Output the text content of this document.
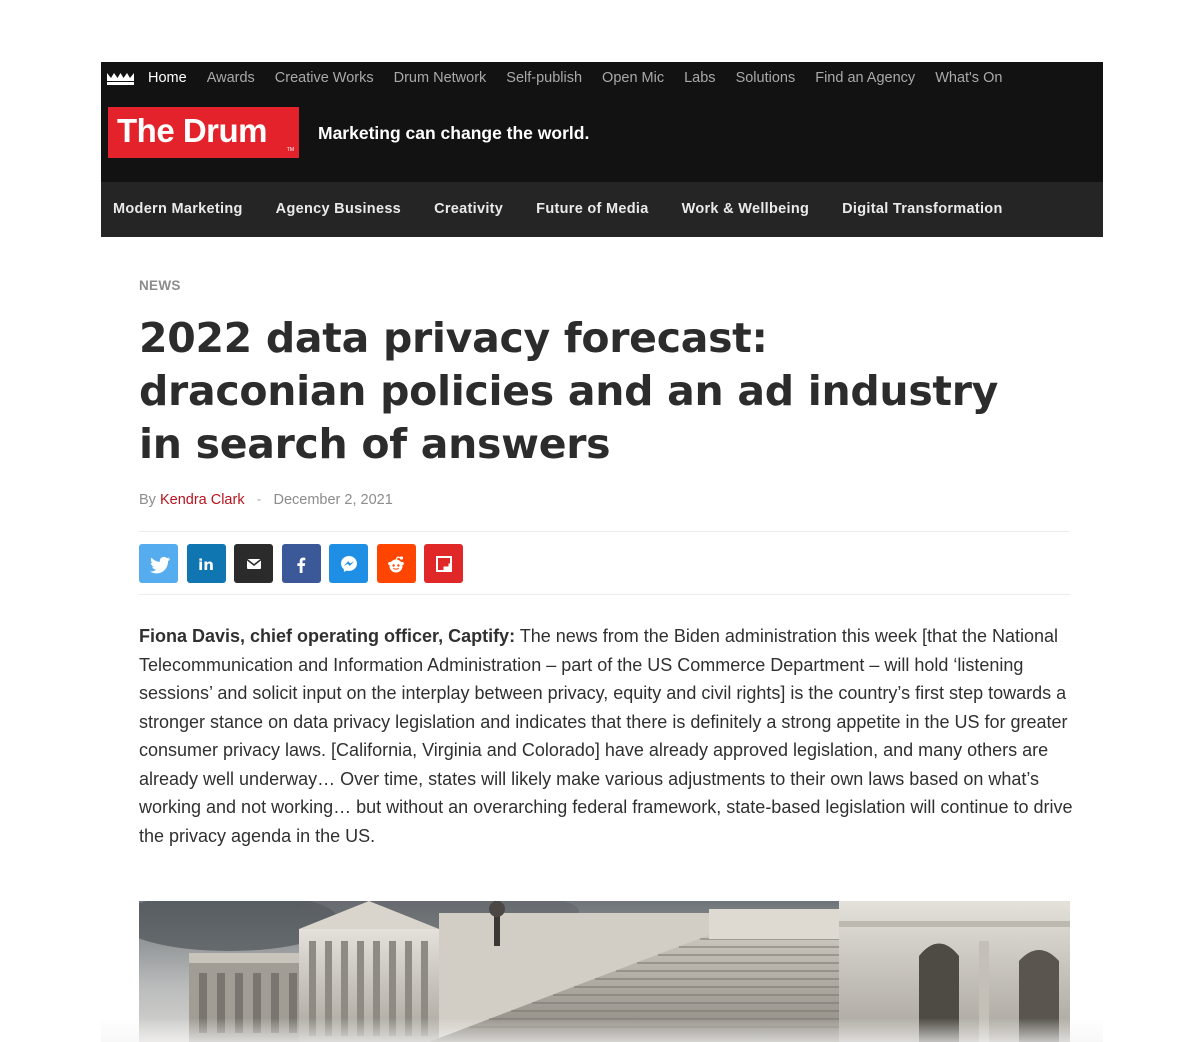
Home Awards Creative Works Drum Network Self-publish Open Mic Labs Solutions Find an Agency What's On
The Drum
TM
Marketing can change the world.
Modern Marketing Agency Business Creativity Future of Media Work & Wellbeing Digital Transformation
NEWS
2022 data privacy forecast: draconian policies and an ad industry in search of answers
By Kendra Clark - December 2, 2021
in

Fiona Davis, chief operating officer, Captify: The news from the Biden administration this week [that the National Telecommunication and Information Administration – part of the US Commerce Department – will hold ‘listening sessions’ and solicit input on the interplay between privacy, equity and civil rights] is the country’s first step towards a stronger stance on data privacy legislation and indicates that there is definitely a strong appetite in the US for greater consumer privacy laws. [California, Virginia and Colorado] have already approved legislation, and many others are already well underway… Over time, states will likely make various adjustments to their own laws based on what’s working and not working… but without an overarching federal framework, state-based legislation will continue to drive the privacy agenda in the US.
